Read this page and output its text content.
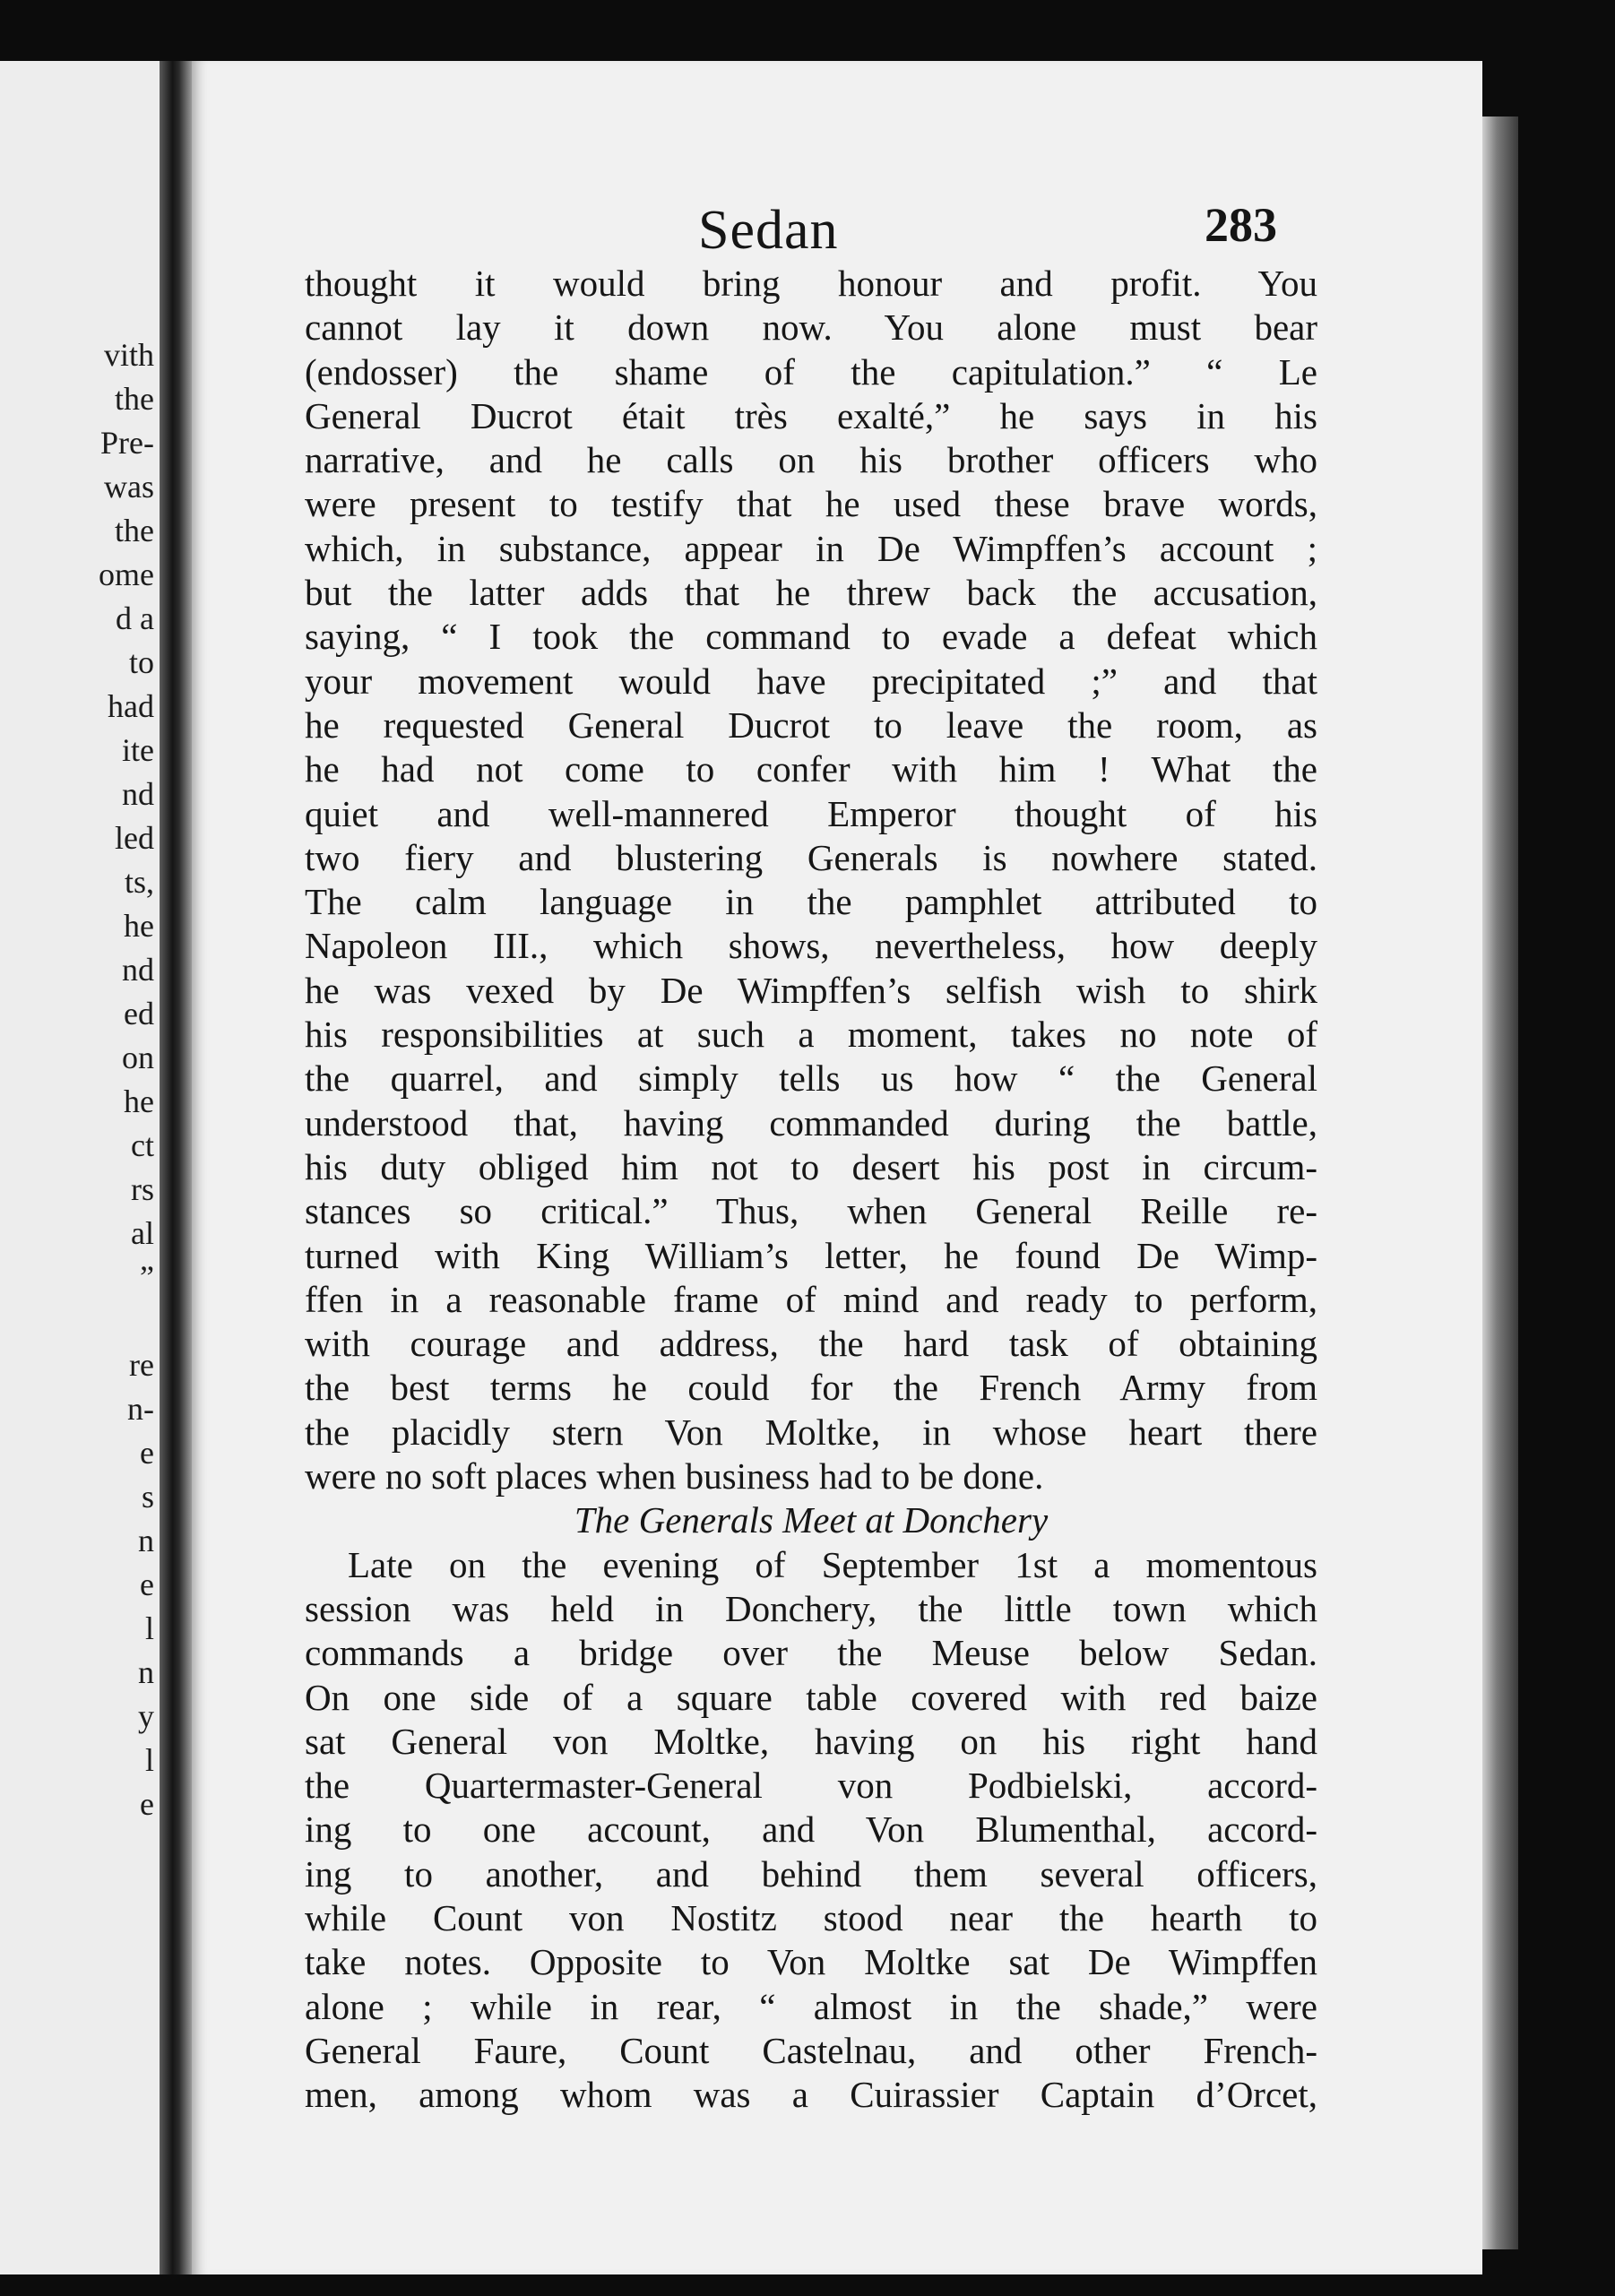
vith
the
Pre-
was
the
ome
d a
to
had
ite
nd
led
ts,
he
nd
ed
on
he
ct
rs
al
”
re
n-
e
s
n
e
l
n
y
l
e
Sedan	283
thought it would bring honour and profit. You
cannot lay it down now. You alone must bear
(endosser) the shame of the capitulation.” “ Le
General Ducrot était très exalté,” he says in his
narrative, and he calls on his brother officers who
were present to testify that he used these brave words,
which, in substance, appear in De Wimpffen’s account ;
but the latter adds that he threw back the accusation,
saying, “ I took the command to evade a defeat which
your movement would have precipitated ;” and that
he requested General Ducrot to leave the room, as
he had not come to confer with him ! What the
quiet and well-mannered Emperor thought of his
two fiery and blustering Generals is nowhere stated.
The calm language in the pamphlet attributed to
Napoleon III., which shows, nevertheless, how deeply
he was vexed by De Wimpffen’s selfish wish to shirk
his responsibilities at such a moment, takes no note of
the quarrel, and simply tells us how “ the General
understood that, having commanded during the battle,
his duty obliged him not to desert his post in circum-
stances so critical.” Thus, when General Reille re-
turned with King William’s letter, he found De Wimp-
ffen in a reasonable frame of mind and ready to perform,
with courage and address, the hard task of obtaining
the best terms he could for the French Army from
the placidly stern Von Moltke, in whose heart there
were no soft places when business had to be done.
The Generals Meet at Donchery
Late on the evening of September 1st a momentous
session was held in Donchery, the little town which
commands a bridge over the Meuse below Sedan.
On one side of a square table covered with red baize
sat General von Moltke, having on his right hand
the Quartermaster-General von Podbielski, accord-
ing to one account, and Von Blumenthal, accord-
ing to another, and behind them several officers,
while Count von Nostitz stood near the hearth to
take notes. Opposite to Von Moltke sat De Wimpffen
alone ; while in rear, “ almost in the shade,” were
General Faure, Count Castelnau, and other French-
men, among whom was a Cuirassier Captain d’Orcet,
